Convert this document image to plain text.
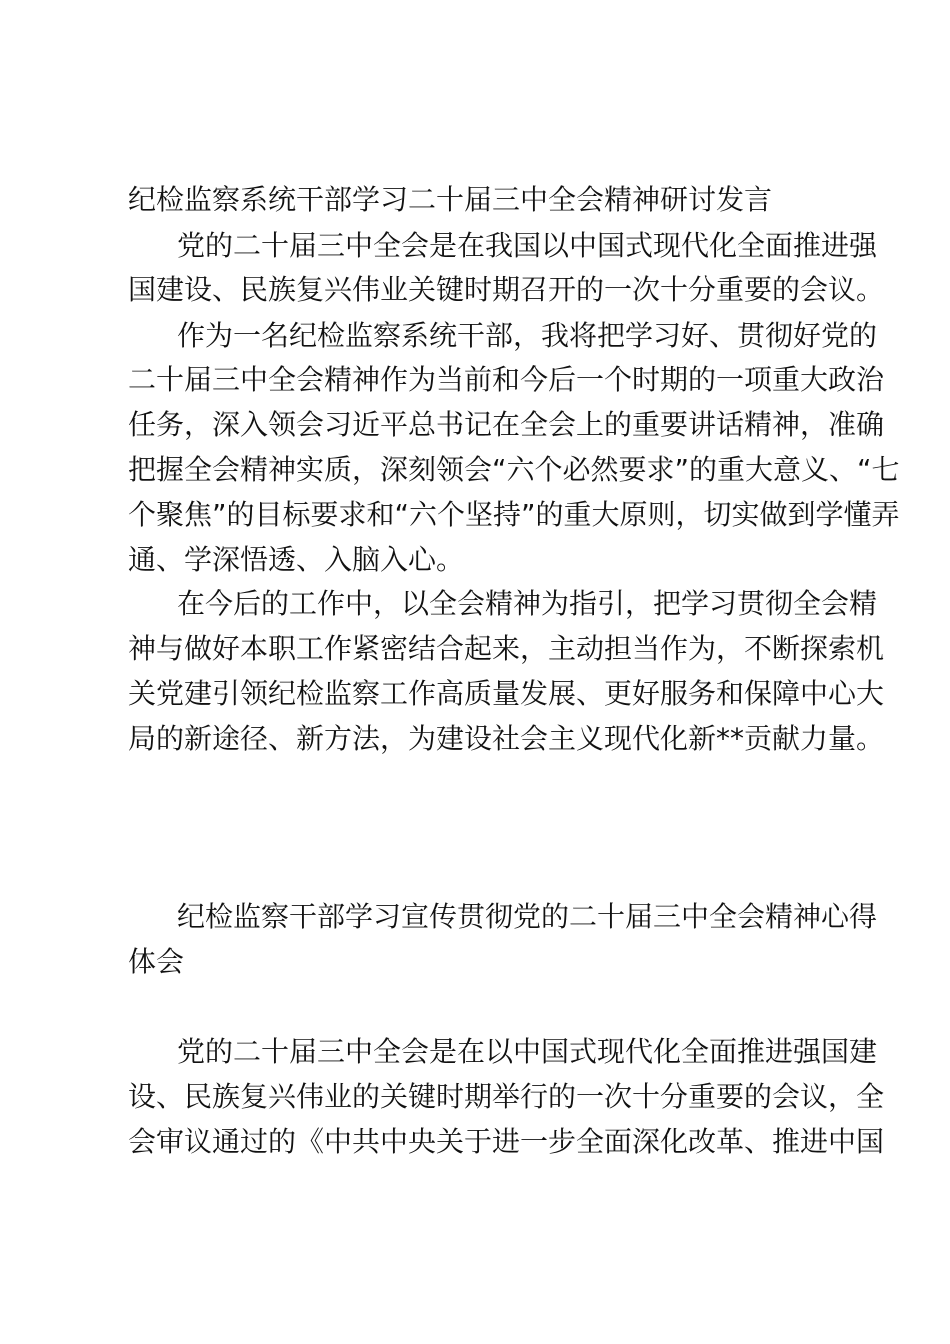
纪检监察系统干部学习二十届三中全会精神研讨发言
党的二十届三中全会是在我国以中国式现代化全面推进强
国建设、民族复兴伟业关键时期召开的一次十分重要的会议。
作为一名纪检监察系统干部，我将把学习好、贯彻好党的
二十届三中全会精神作为当前和今后一个时期的一项重大政治
任务，深入领会习近平总书记在全会上的重要讲话精神，准确
把握全会精神实质，深刻领会“六个必然要求”的重大意义、“七
个聚焦”的目标要求和“六个坚持”的重大原则，切实做到学懂弄
通、学深悟透、入脑入心。
在今后的工作中，以全会精神为指引，把学习贯彻全会精
神与做好本职工作紧密结合起来，主动担当作为，不断探索机
关党建引领纪检监察工作高质量发展、更好服务和保障中心大
局的新途径、新方法，为建设社会主义现代化新**贡献力量。
纪检监察干部学习宣传贯彻党的二十届三中全会精神心得
体会
党的二十届三中全会是在以中国式现代化全面推进强国建
设、民族复兴伟业的关键时期举行的一次十分重要的会议，全
会审议通过的《中共中央关于进一步全面深化改革、推进中国
